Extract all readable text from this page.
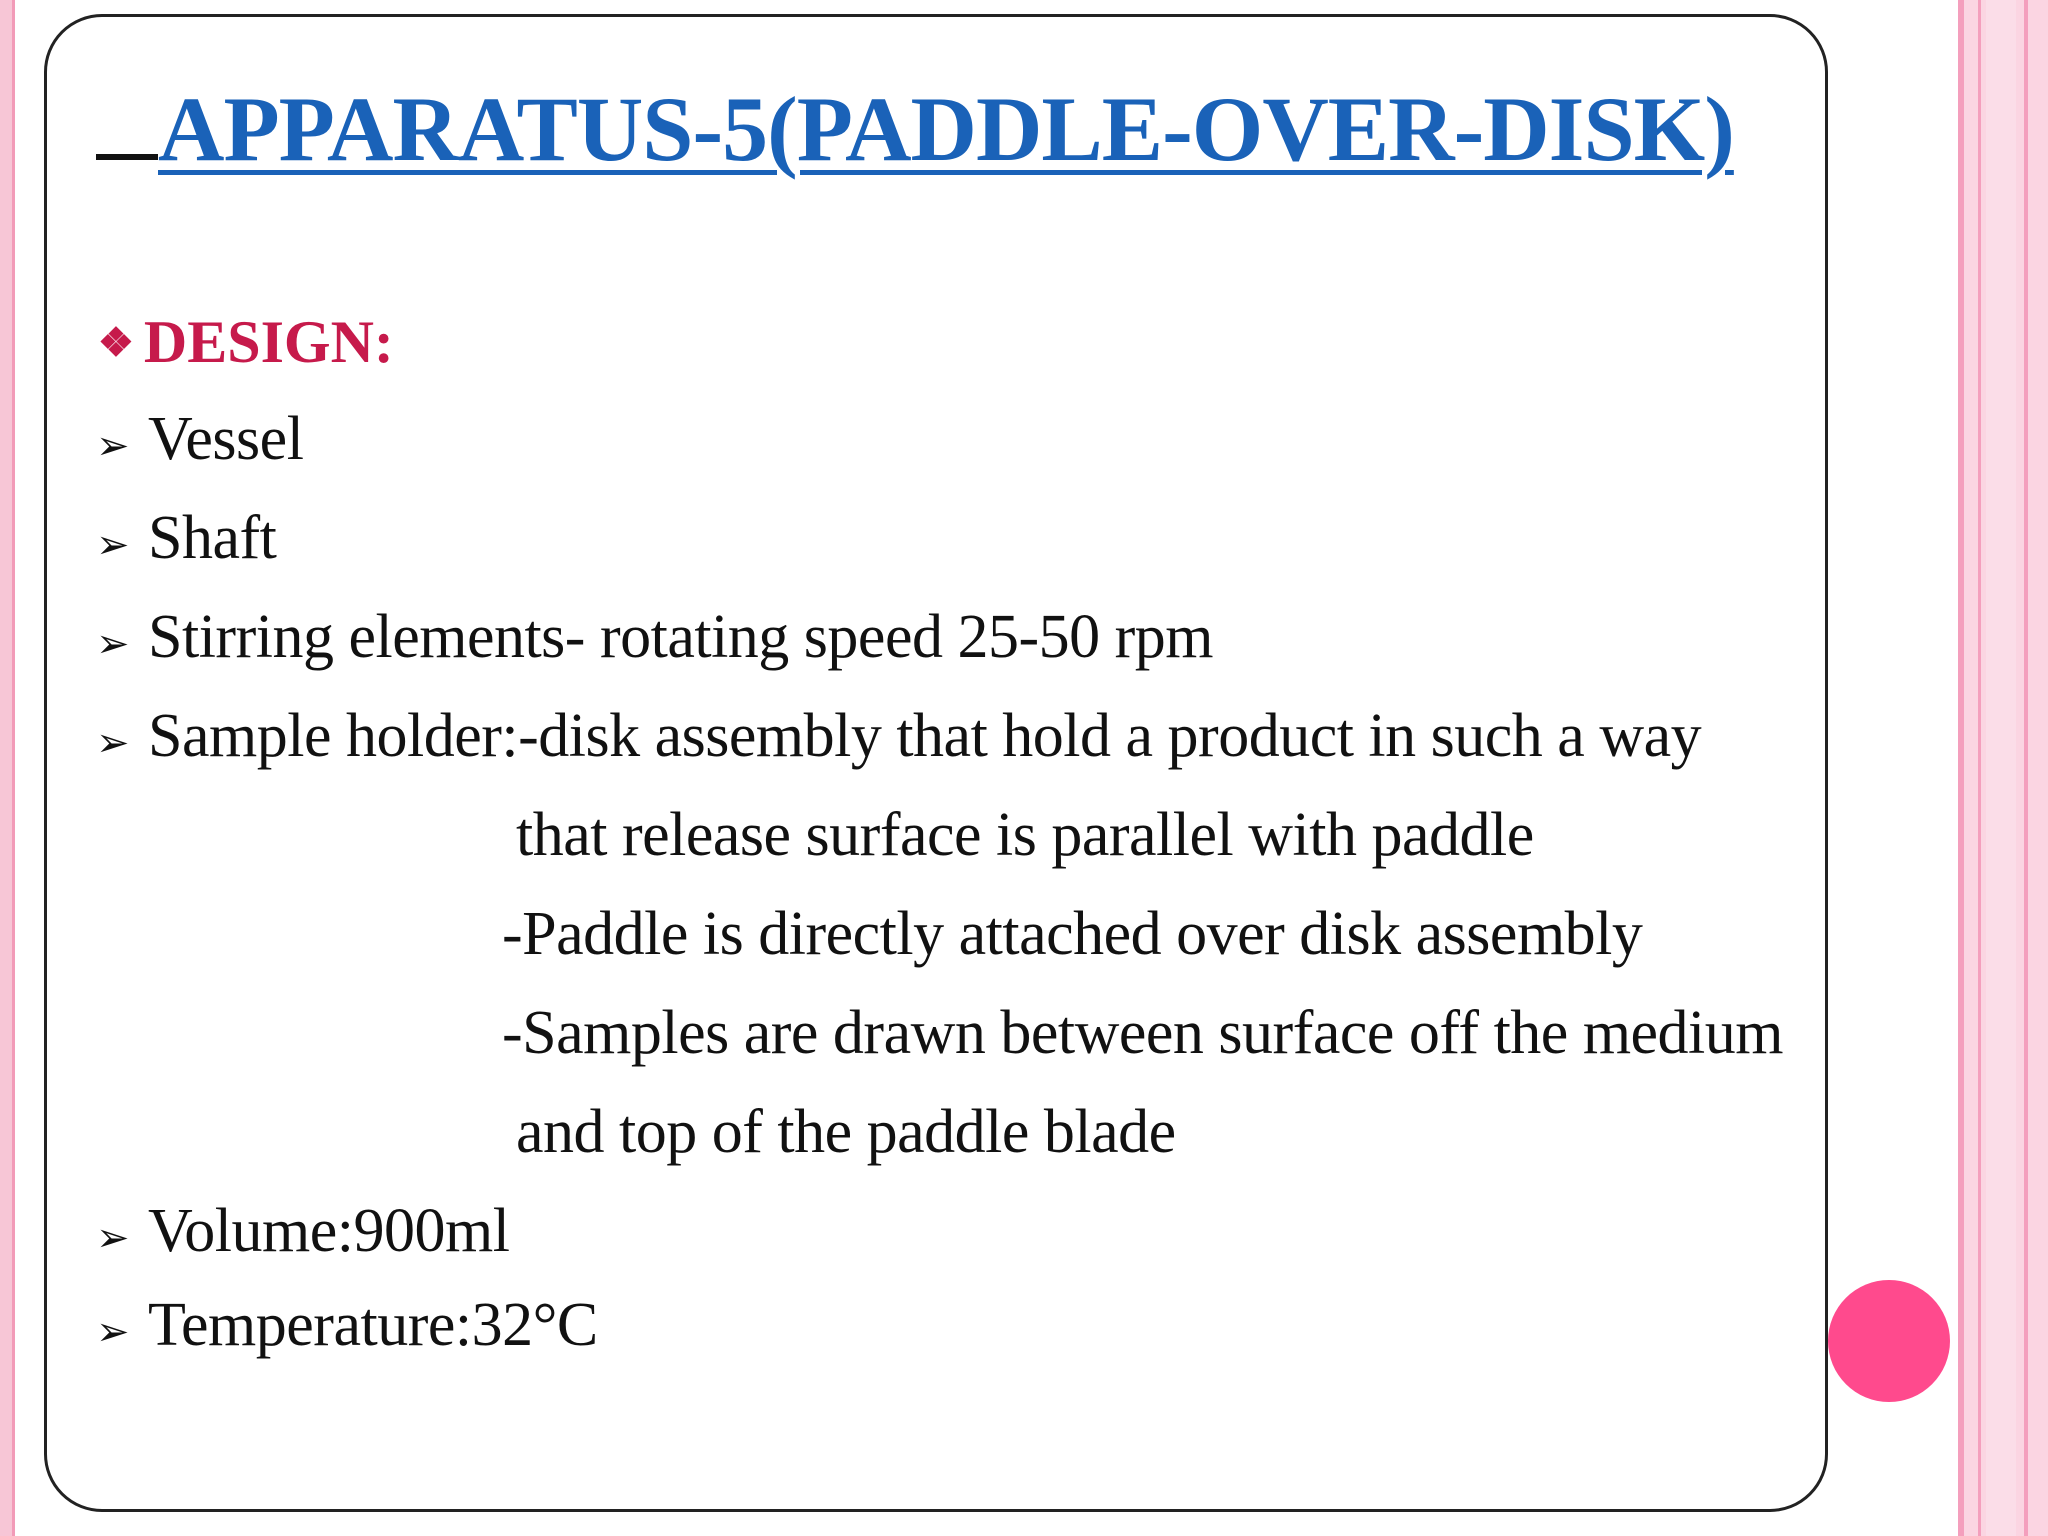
APPARATUS-5(PADDLE-OVER-DISK)
❖ DESIGN:
➢ Vessel
➢ Shaft
➢ Stirring elements- rotating speed 25-50 rpm
➢ Sample holder:-disk assembly that hold a product in such a way
that release surface is parallel with paddle
-Paddle is directly attached over disk assembly
-Samples are drawn between surface off the medium
and top of the paddle blade
➢ Volume:900ml
➢ Temperature:32°C
